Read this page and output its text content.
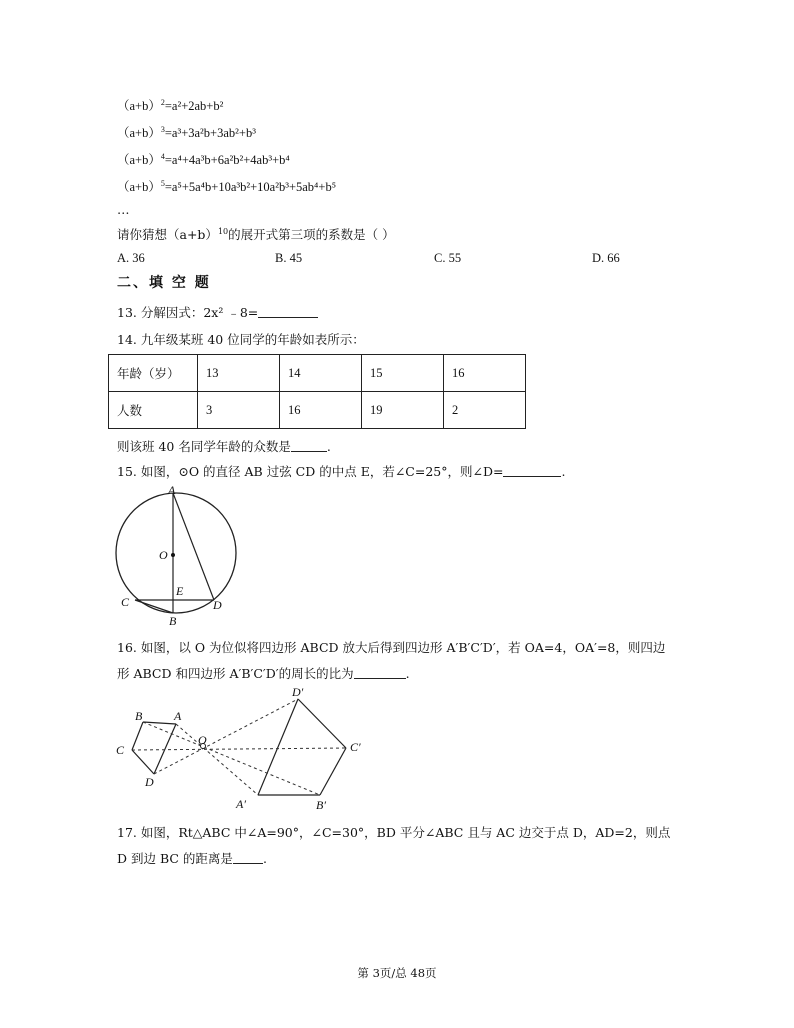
$(a+b)^2=a^2+2ab+b^2$
$(a+b)^3=a^3+3a^2b+3ab^2+b^3$
$(a+b)^4=a^4+4a^3b+6a^2b^2+4ab^3+b^4$
$(a+b)^5=a^5+5a^4b+10a^3b^2+10a^2b^3+5ab^4+b^5$
…
请你猜想$(a+b)^{10}$的展开式第三项的系数是（ ）
A. 36	B. 45	C. 55	D. 66
二、填 空 题
13. 分解因式：2x² ﹣8=
14. 九年级某班 40 位同学的年龄如表所示：
年龄（岁）	13	14	15	16
人数	3	16	19	2
则该班 40 名同学年龄的众数是	.
15. 如图，⊙O 的直径 AB 过弦 CD 的中点 E，若∠C=25°，则∠D=	.
A
O
E
C	D
B
16. 如图，以 O 为位似将四边形 ABCD 放大后得到四边形 A′B′C′D′，若 OA=4，OA′=8，则四边
形 ABCD 和四边形 A′B′C′D′的周长的比为	.
B	A
C
D
O
D′
C′
A′	B′
17. 如图，Rt△ABC 中∠A=90°，∠C=30°，BD 平分∠ABC 且与 AC 边交于点 D，AD=2，则点
D 到边 BC 的距离是 .
第 3页/总 48页
